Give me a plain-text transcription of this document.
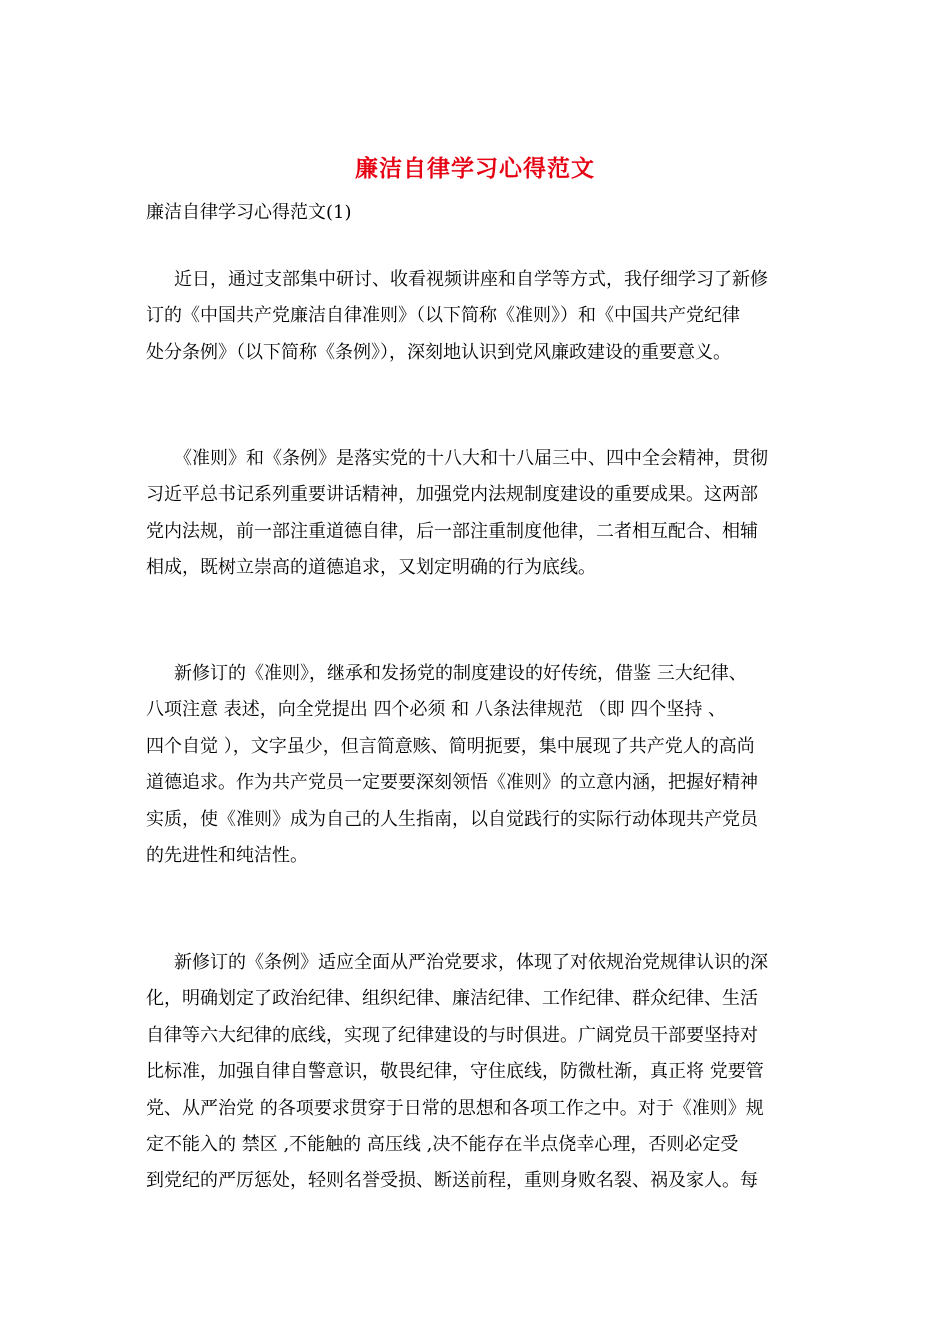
廉洁自律学习心得范文
廉洁自律学习心得范文(1)
近日，通过支部集中研讨、收看视频讲座和自学等方式，我仔细学习了新修
订的《中国共产党廉洁自律准则》（以下简称《准则》）和《中国共产党纪律
处分条例》（以下简称《条例》），深刻地认识到党风廉政建设的重要意义。
《准则》和《条例》是落实党的十八大和十八届三中、四中全会精神，贯彻
习近平总书记系列重要讲话精神，加强党内法规制度建设的重要成果。这两部
党内法规，前一部注重道德自律，后一部注重制度他律，二者相互配合、相辅
相成，既树立崇高的道德追求，又划定明确的行为底线。
新修订的《准则》，继承和发扬党的制度建设的好传统，借鉴 三大纪律、
八项注意 表述，向全党提出 四个必须 和 八条法律规范 （即 四个坚持 、
四个自觉 ），文字虽少，但言简意赅、简明扼要，集中展现了共产党人的高尚
道德追求。作为共产党员一定要要深刻领悟《准则》的立意内涵，把握好精神
实质，使《准则》成为自己的人生指南，以自觉践行的实际行动体现共产党员
的先进性和纯洁性。
新修订的《条例》适应全面从严治党要求，体现了对依规治党规律认识的深
化，明确划定了政治纪律、组织纪律、廉洁纪律、工作纪律、群众纪律、生活
自律等六大纪律的底线，实现了纪律建设的与时俱进。广阔党员干部要坚持对
比标准，加强自律自警意识，敬畏纪律，守住底线，防微杜渐，真正将 党要管
党、从严治党 的各项要求贯穿于日常的思想和各项工作之中。对于《准则》规
定不能入的 禁区 ,不能触的 高压线 ,决不能存在半点侥幸心理，否则必定受
到党纪的严厉惩处，轻则名誉受损、断送前程，重则身败名裂、祸及家人。每
